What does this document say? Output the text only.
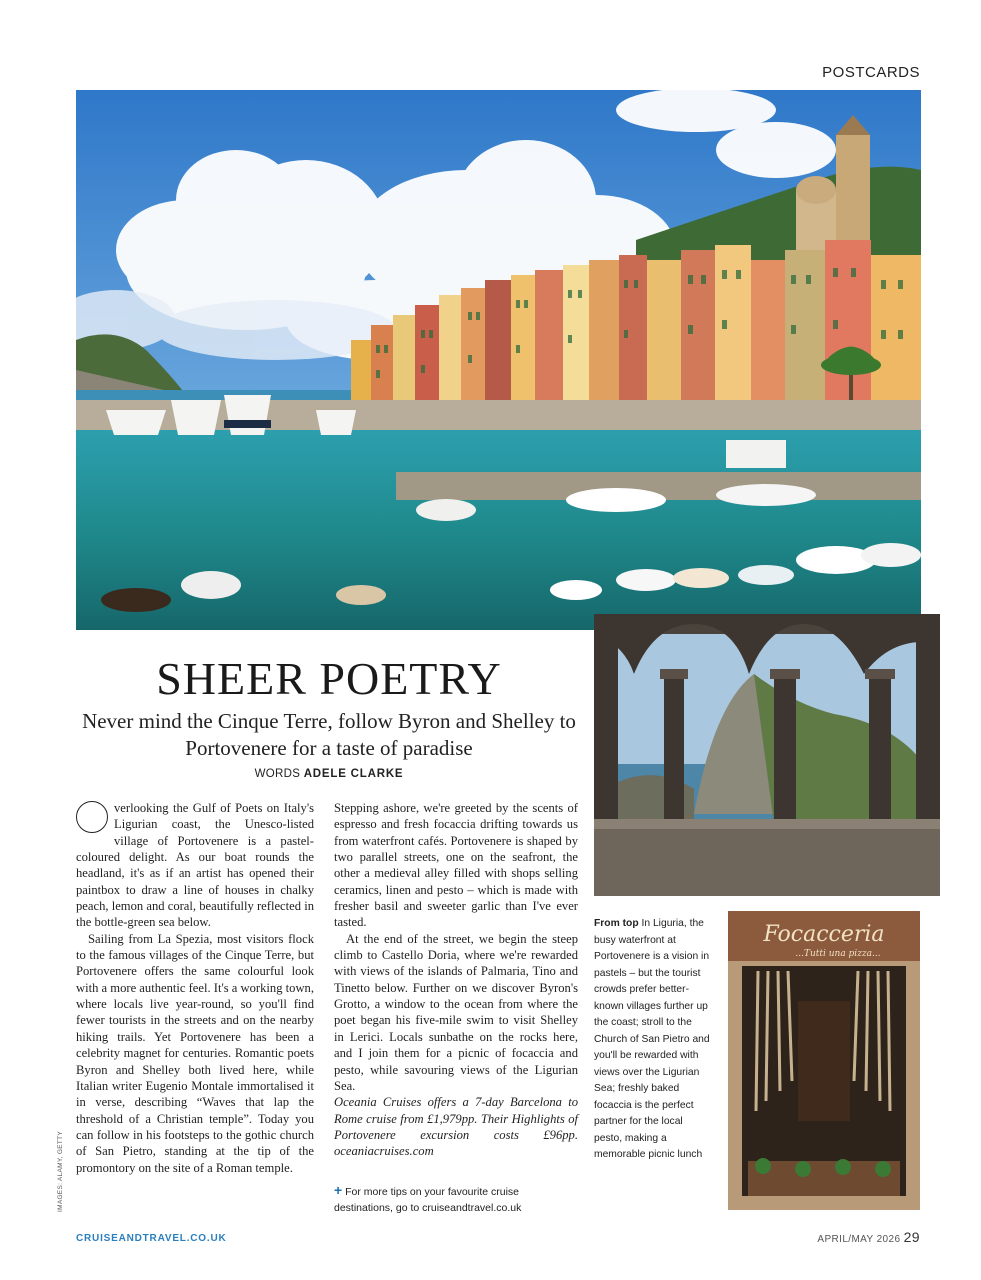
POSTCARDS
Focacceria
...Tutti una pizza...
SHEER POETRY

Never mind the Cinque Terre, follow Byron and Shelley to Portovenere for a taste of paradise

WORDS ADELE CLARKE

verlooking the Gulf of Poets on Italy's Ligurian coast, the Unesco-listed village of Portovenere is a pastel-coloured delight. As our boat rounds the headland, it's as if an artist has opened their paintbox to draw a line of houses in chalky peach, lemon and coral, beautifully reflected in the bottle-green sea below.

Sailing from La Spezia, most visitors flock to the famous villages of the Cinque Terre, but Portovenere offers the same colourful look with a more authentic feel. It's a working town, where locals live year-round, so you'll find fewer tourists in the streets and on the nearby hiking trails. Yet Portovenere has been a celebrity magnet for centuries. Romantic poets Byron and Shelley both lived here, while Italian writer Eugenio Montale immortalised it in verse, describing “Waves that lap the threshold of a Christian temple”. Today you can follow in his footsteps to the gothic church of San Pietro, standing at the tip of the promontory on the site of a Roman temple.

Stepping ashore, we're greeted by the scents of espresso and fresh focaccia drifting towards us from waterfront cafés. Portovenere is shaped by two parallel streets, one on the seafront, the other a medieval alley filled with shops selling ceramics, linen and pesto – which is made with fresher basil and sweeter garlic than I've ever tasted.

At the end of the street, we begin the steep climb to Castello Doria, where we're rewarded with views of the islands of Palmaria, Tino and Tinetto below. Further on we discover Byron's Grotto, a window to the ocean from where the poet began his five-mile swim to visit Shelley in Lerici. Locals sunbathe on the rocks here, and I join them for a picnic of focaccia and pesto, while savouring views of the Ligurian Sea.

Oceania Cruises offers a 7-day Barcelona to Rome cruise from £1,979pp. Their Highlights of Portovenere excursion costs £96pp. oceaniacruises.com

+ For more tips on your favourite cruise destinations, go to cruiseandtravel.co.uk
From top In Liguria, the busy waterfront at Portovenere is a vision in pastels – but the tourist crowds prefer better-known villages further up the coast; stroll to the Church of San Pietro and you'll be rewarded with views over the Ligurian Sea; freshly baked focaccia is the perfect partner for the local pesto, making a memorable picnic lunch
IMAGES: ALAMY, GETTY
CRUISEANDTRAVEL.CO.UK	APRIL/MAY 2026 29
